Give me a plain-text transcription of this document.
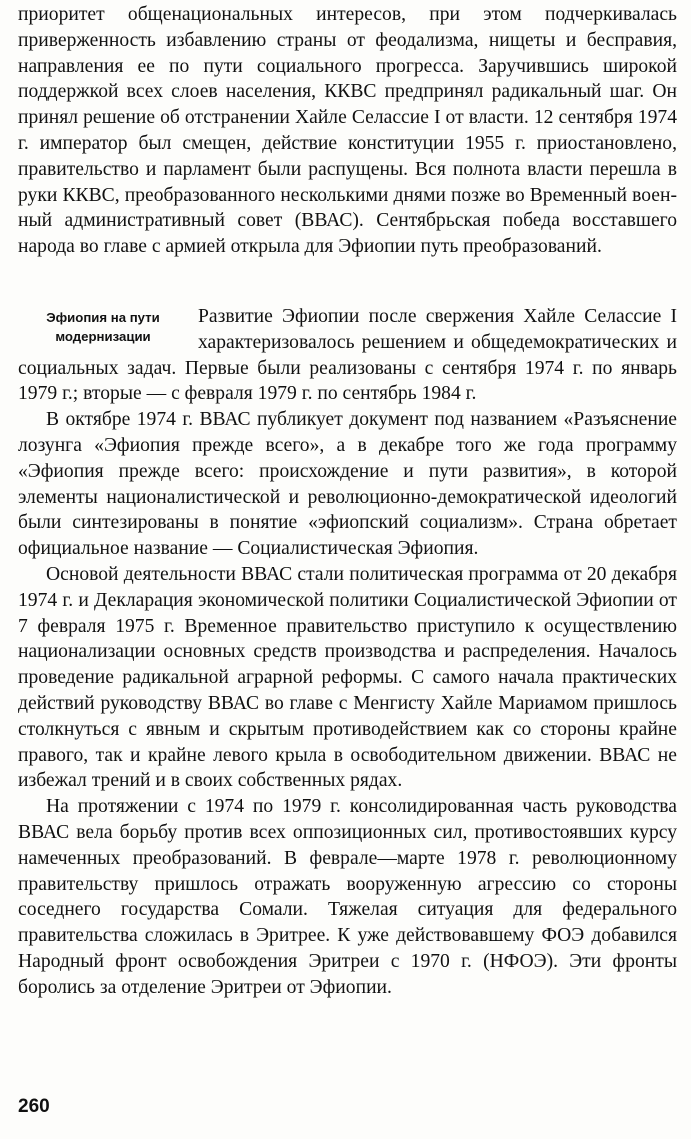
приоритет общенациональных интересов, при этом подчеркивалась приверженность избавлению страны от феодализма, нищеты и бесправия, направления ее по пути социального прогресса. Заручившись широкой поддержкой всех слоев населения, ККВС предпринял радикальный шаг. Он принял решение об отстранении Хайле Селассие I от власти. 12 сентября 1974 г. император был смещен, действие конституции 1955 г. приостановлено, правительство и парламент были распущены. Вся полнота власти перешла в руки ККВС, преобразованного несколькими днями позже во Временный военный административный совет (ВВАС). Сентябрьская победа восставшего народа во главе с армией открыла для Эфиопии путь преобразований.

Эфиопия на пути модернизации

Развитие Эфиопии после свержения Хайле Селассие I характеризовалось решением и общедемократических и социальных задач. Первые были реализованы с сентября 1974 г. по январь 1979 г.; вторые — с февраля 1979 г. по сентябрь 1984 г.

В октябре 1974 г. ВВАС публикует документ под названием «Разъяснение лозунга «Эфиопия прежде всего», а в декабре того же года программу «Эфиопия прежде всего: происхождение и пути развития», в которой элементы националистической и революционно-демократической идеологий были синтезированы в понятие «эфиопский социализм». Страна обретает официальное название — Социалистическая Эфиопия.

Основой деятельности ВВАС стали политическая программа от 20 декабря 1974 г. и Декларация экономической политики Социалистической Эфиопии от 7 февраля 1975 г. Временное правительство приступило к осуществлению национализации основных средств производства и распределения. Началось проведение радикальной аграрной реформы. С самого начала практических действий руководству ВВАС во главе с Менгисту Хайле Мариамом пришлось столкнуться с явным и скрытым противодействием как со стороны крайне правого, так и крайне левого крыла в освободительном движении. ВВАС не избежал трений и в своих собственных рядах.

На протяжении с 1974 по 1979 г. консолидированная часть руководства ВВАС вела борьбу против всех оппозиционных сил, противостоявших курсу намеченных преобразований. В феврале—марте 1978 г. революционному правительству пришлось отражать вооруженную агрессию со стороны соседнего государства Сомали. Тяжелая ситуация для федерального правительства сложилась в Эритрее. К уже действовавшему ФОЭ добавился Народный фронт освобождения Эритреи с 1970 г. (НФОЭ). Эти фронты боролись за отделение Эритреи от Эфиопии.

260
